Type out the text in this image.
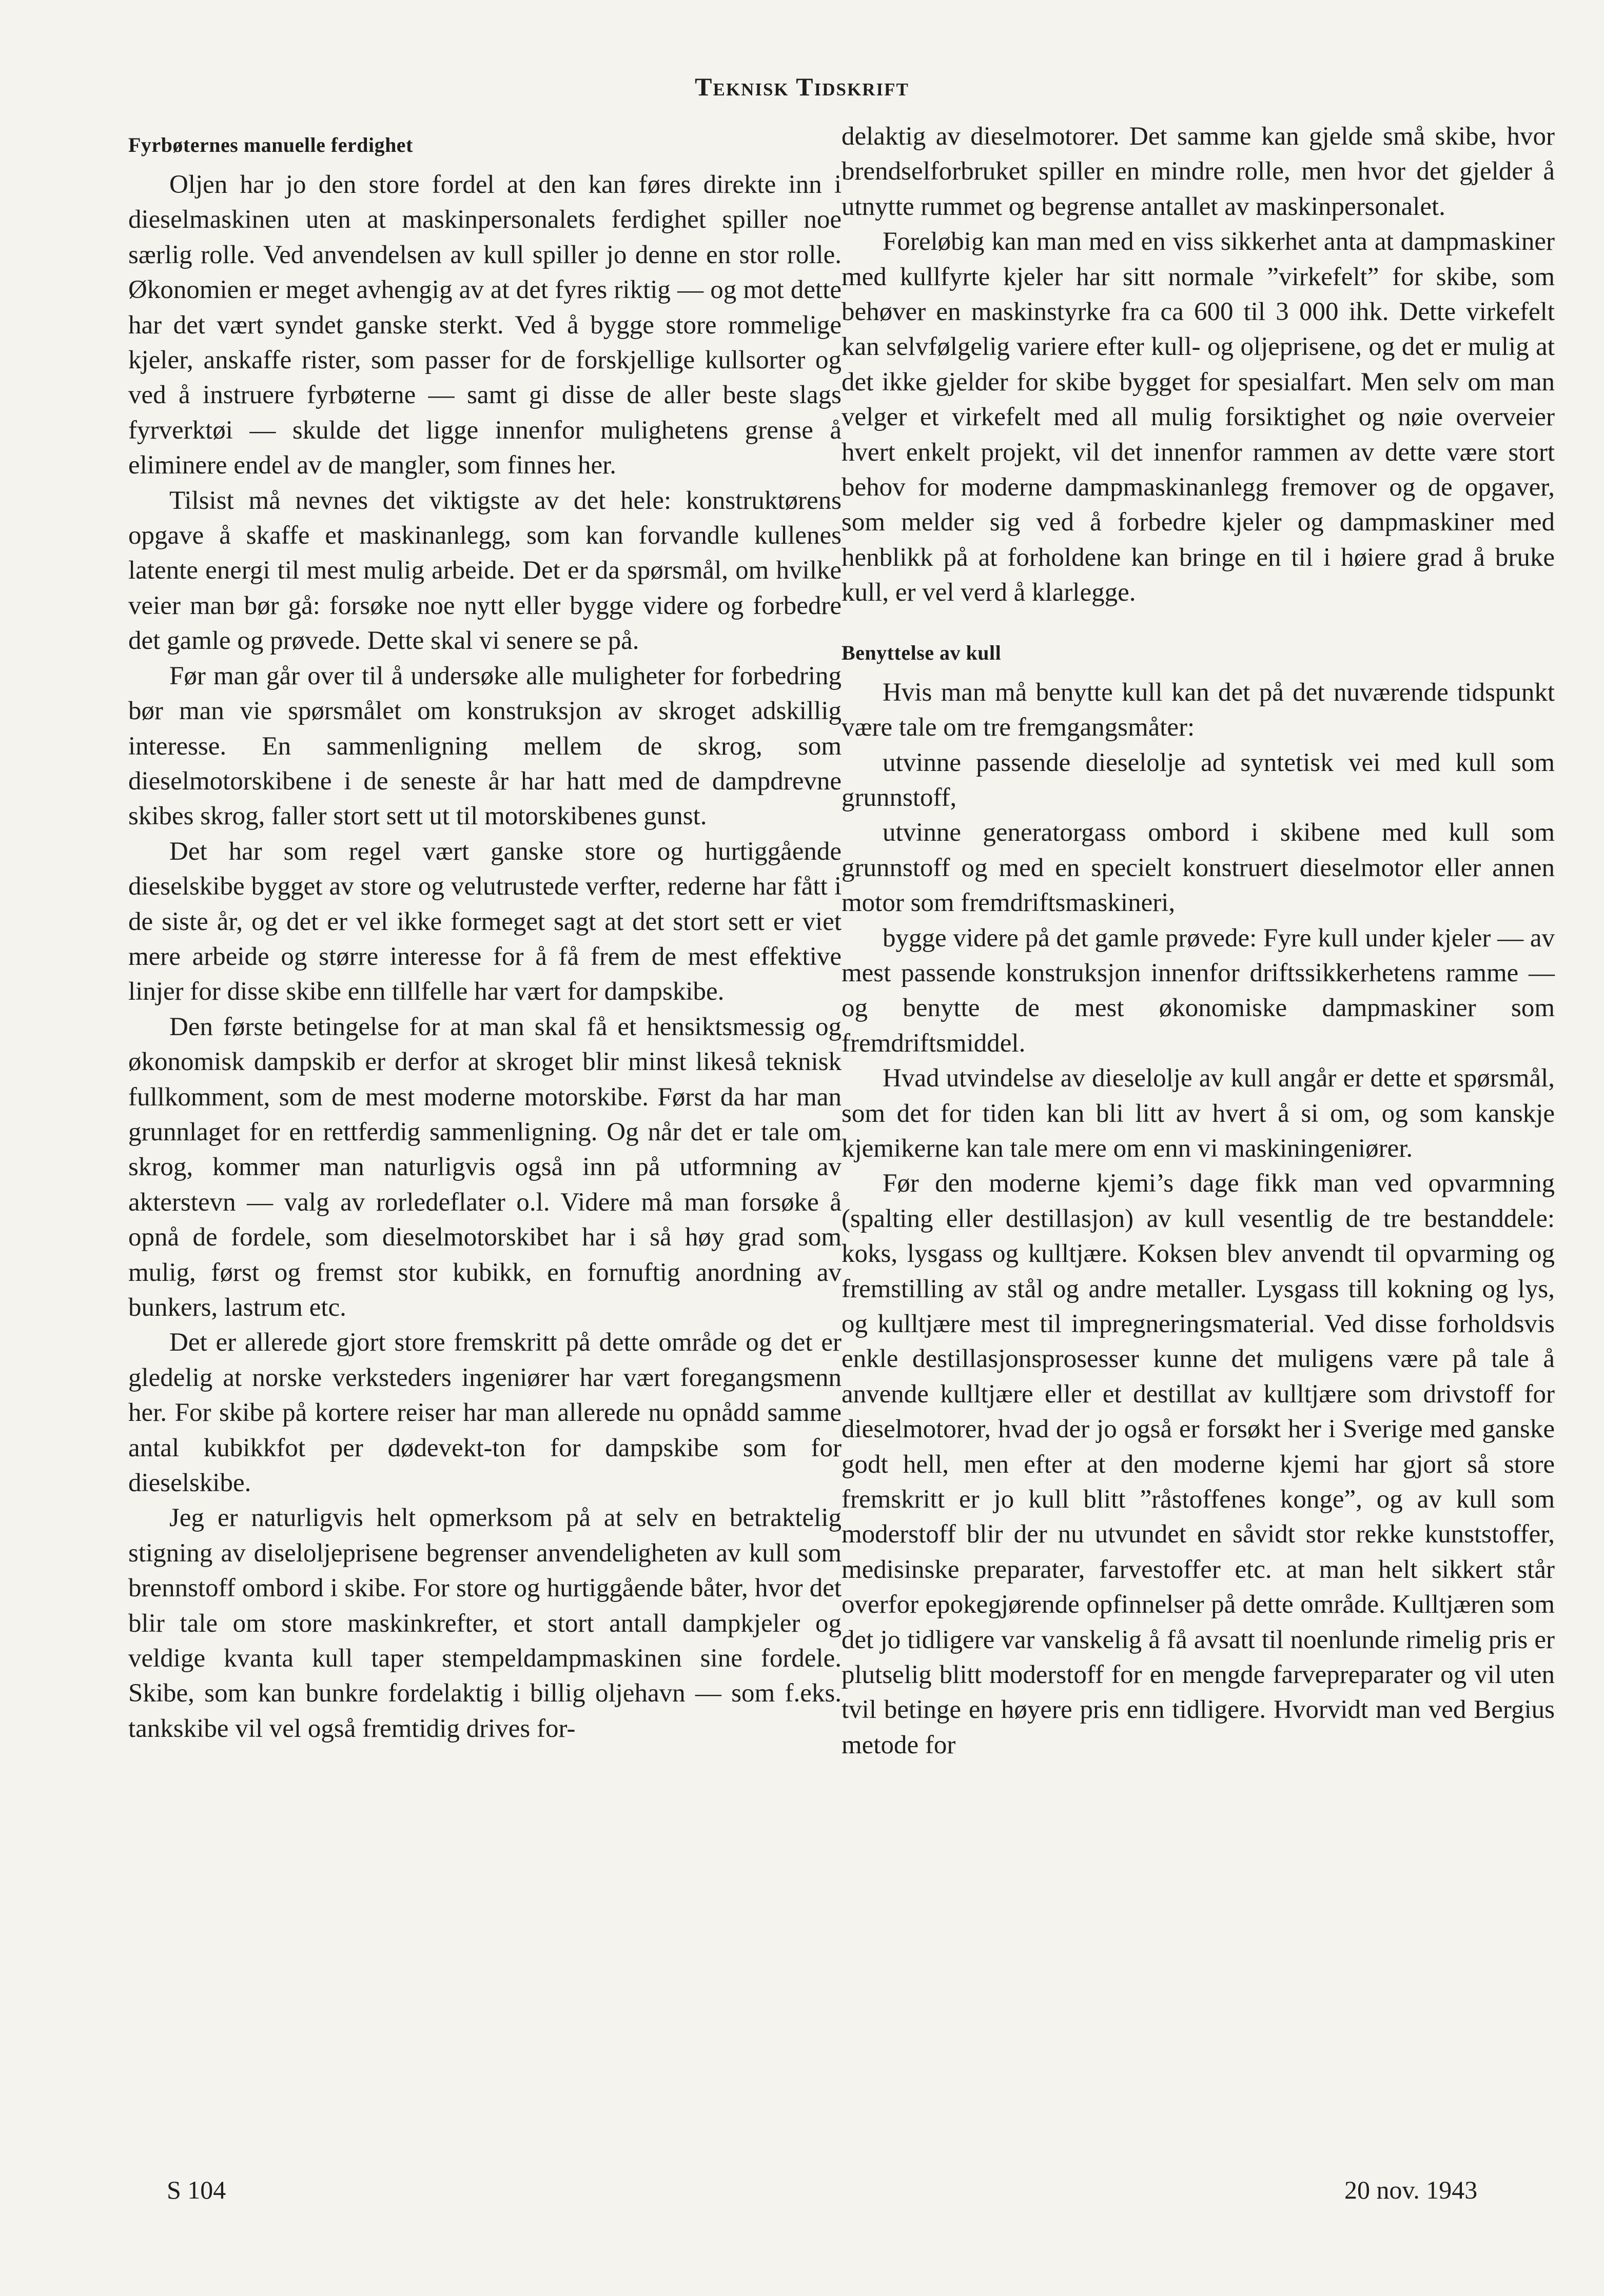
Teknisk Tidskrift
Fyrbøternes manuelle ferdighet

Oljen har jo den store fordel at den kan føres direkte inn i dieselmaskinen uten at maskinpersonalets ferdighet spiller noe særlig rolle. Ved anvendelsen av kull spiller jo denne en stor rolle. Økonomien er meget avhengig av at det fyres riktig — og mot dette har det vært syndet ganske sterkt. Ved å bygge store rommelige kjeler, anskaffe rister, som passer for de forskjellige kullsorter og ved å instruere fyrbøterne — samt gi disse de aller beste slags fyrverktøi — skulde det ligge innenfor mulighetens grense å eliminere endel av de mangler, som finnes her.

Tilsist må nevnes det viktigste av det hele: konstruktørens opgave å skaffe et maskinanlegg, som kan forvandle kullenes latente energi til mest mulig arbeide. Det er da spørsmål, om hvilke veier man bør gå: forsøke noe nytt eller bygge videre og forbedre det gamle og prøvede. Dette skal vi senere se på.

Før man går over til å undersøke alle muligheter for forbedring bør man vie spørsmålet om konstruksjon av skroget adskillig interesse. En sammenligning mellem de skrog, som dieselmotorskibene i de seneste år har hatt med de dampdrevne skibes skrog, faller stort sett ut til motorskibenes gunst.

Det har som regel vært ganske store og hurtiggående dieselskibe bygget av store og velutrustede verfter, rederne har fått i de siste år, og det er vel ikke formeget sagt at det stort sett er viet mere arbeide og større interesse for å få frem de mest effektive linjer for disse skibe enn tillfelle har vært for dampskibe.

Den første betingelse for at man skal få et hensiktsmessig og økonomisk dampskib er derfor at skroget blir minst likeså teknisk fullkomment, som de mest moderne motorskibe. Først da har man grunnlaget for en rettferdig sammenligning. Og når det er tale om skrog, kommer man naturligvis også inn på utformning av akterstevn — valg av rorledeflater o.l. Videre må man forsøke å opnå de fordele, som dieselmotorskibet har i så høy grad som mulig, først og fremst stor kubikk, en fornuftig anordning av bunkers, lastrum etc.

Det er allerede gjort store fremskritt på dette område og det er gledelig at norske verksteders ingeniører har vært foregangsmenn her. For skibe på kortere reiser har man allerede nu opnådd samme antal kubikkfot per dødevekt-ton for dampskibe som for dieselskibe.

Jeg er naturligvis helt opmerksom på at selv en betraktelig stigning av diseloljeprisene begrenser anvendeligheten av kull som brennstoff ombord i skibe. For store og hurtiggående båter, hvor det blir tale om store maskinkrefter, et stort antall dampkjeler og veldige kvanta kull taper stempeldampmaskinen sine fordele. Skibe, som kan bunkre fordelaktig i billig oljehavn — som f.eks. tankskibe vil vel også fremtidig drives for-

delaktig av dieselmotorer. Det samme kan gjelde små skibe, hvor brendselforbruket spiller en mindre rolle, men hvor det gjelder å utnytte rummet og begrense antallet av maskinpersonalet.

Foreløbig kan man med en viss sikkerhet anta at dampmaskiner med kullfyrte kjeler har sitt normale ”virkefelt” for skibe, som behøver en maskinstyrke fra ca 600 til 3 000 ihk. Dette virkefelt kan selvfølgelig variere efter kull- og oljeprisene, og det er mulig at det ikke gjelder for skibe bygget for spesialfart. Men selv om man velger et virkefelt med all mulig forsiktighet og nøie overveier hvert enkelt projekt, vil det innenfor rammen av dette være stort behov for moderne dampmaskinanlegg fremover og de opgaver, som melder sig ved å forbedre kjeler og dampmaskiner med henblikk på at forholdene kan bringe en til i høiere grad å bruke kull, er vel verd å klarlegge.

Benyttelse av kull

Hvis man må benytte kull kan det på det nuværende tidspunkt være tale om tre fremgangsmåter:

utvinne passende dieselolje ad syntetisk vei med kull som grunnstoff,

utvinne generatorgass ombord i skibene med kull som grunnstoff og med en specielt konstruert dieselmotor eller annen motor som fremdriftsmaskineri,

bygge videre på det gamle prøvede: Fyre kull under kjeler — av mest passende konstruksjon innenfor driftssikkerhetens ramme — og benytte de mest økonomiske dampmaskiner som fremdriftsmiddel.

Hvad utvindelse av dieselolje av kull angår er dette et spørsmål, som det for tiden kan bli litt av hvert å si om, og som kanskje kjemikerne kan tale mere om enn vi maskiningeniører.

Før den moderne kjemi’s dage fikk man ved opvarmning (spalting eller destillasjon) av kull vesentlig de tre bestanddele: koks, lysgass og kulltjære. Koksen blev anvendt til opvarming og fremstilling av stål og andre metaller. Lysgass till kokning og lys, og kulltjære mest til impregneringsmaterial. Ved disse forholdsvis enkle destillasjonsprosesser kunne det muligens være på tale å anvende kulltjære eller et destillat av kulltjære som drivstoff for dieselmotorer, hvad der jo også er forsøkt her i Sverige med ganske godt hell, men efter at den moderne kjemi har gjort så store fremskritt er jo kull blitt ”råstoffenes konge”, og av kull som moderstoff blir der nu utvundet en såvidt stor rekke kunststoffer, medisinske preparater, farvestoffer etc. at man helt sikkert står overfor epokegjørende opfinnelser på dette område. Kulltjæren som det jo tidligere var vanskelig å få avsatt til noenlunde rimelig pris er plutselig blitt moderstoff for en mengde farvepreparater og vil uten tvil betinge en høyere pris enn tidligere. Hvorvidt man ved Bergius metode for

S 104	20 nov. 1943
